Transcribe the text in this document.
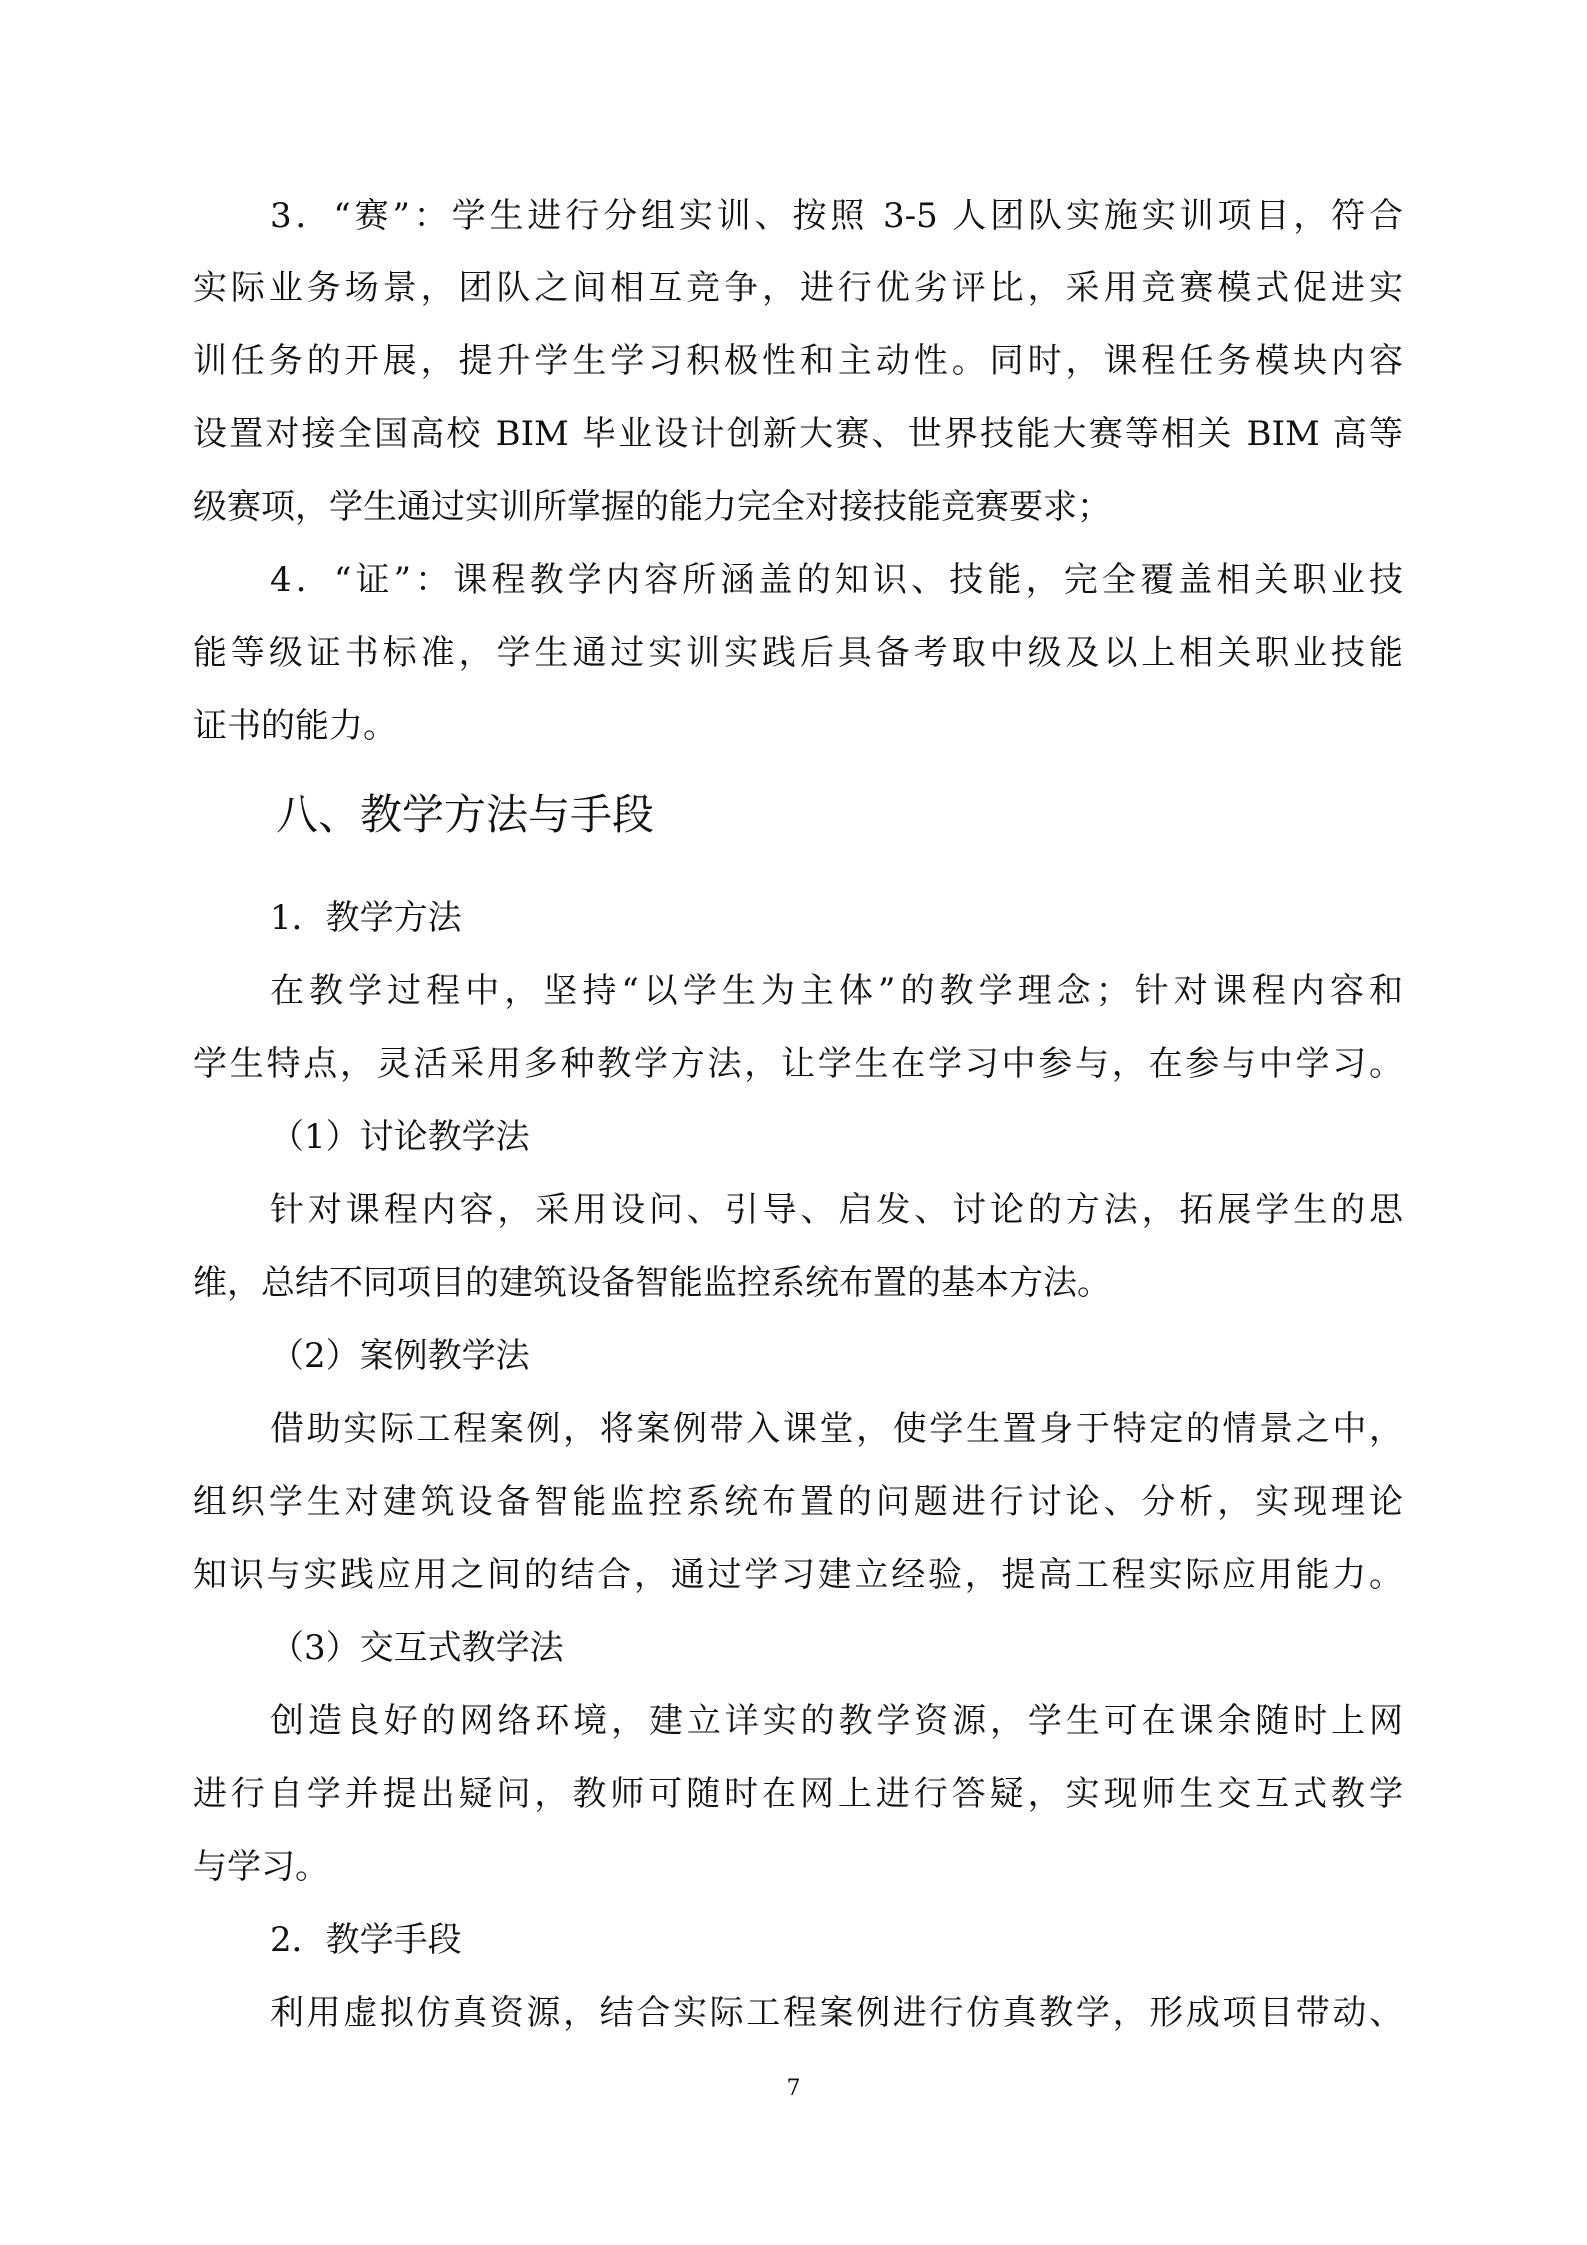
3．“赛”：学生进行分组实训、按照 3-5 人团队实施实训项目，符合
实际业务场景，团队之间相互竞争，进行优劣评比，采用竞赛模式促进实
训任务的开展，提升学生学习积极性和主动性。同时，课程任务模块内容
设置对接全国高校 BIM 毕业设计创新大赛、世界技能大赛等相关 BIM 高等
级赛项，学生通过实训所掌握的能力完全对接技能竞赛要求；
4．“证”：课程教学内容所涵盖的知识、技能，完全覆盖相关职业技
能等级证书标准，学生通过实训实践后具备考取中级及以上相关职业技能
证书的能力。
八、教学方法与手段
1．教学方法
在教学过程中，坚持“以学生为主体”的教学理念；针对课程内容和
学生特点，灵活采用多种教学方法，让学生在学习中参与，在参与中学习。
（1）讨论教学法
针对课程内容，采用设问、引导、启发、讨论的方法，拓展学生的思
维，总结不同项目的建筑设备智能监控系统布置的基本方法。
（2）案例教学法
借助实际工程案例，将案例带入课堂，使学生置身于特定的情景之中，
组织学生对建筑设备智能监控系统布置的问题进行讨论、分析，实现理论
知识与实践应用之间的结合，通过学习建立经验，提高工程实际应用能力。
（3）交互式教学法
创造良好的网络环境，建立详实的教学资源，学生可在课余随时上网
进行自学并提出疑问，教师可随时在网上进行答疑，实现师生交互式教学
与学习。
2．教学手段
利用虚拟仿真资源，结合实际工程案例进行仿真教学，形成项目带动、
7
